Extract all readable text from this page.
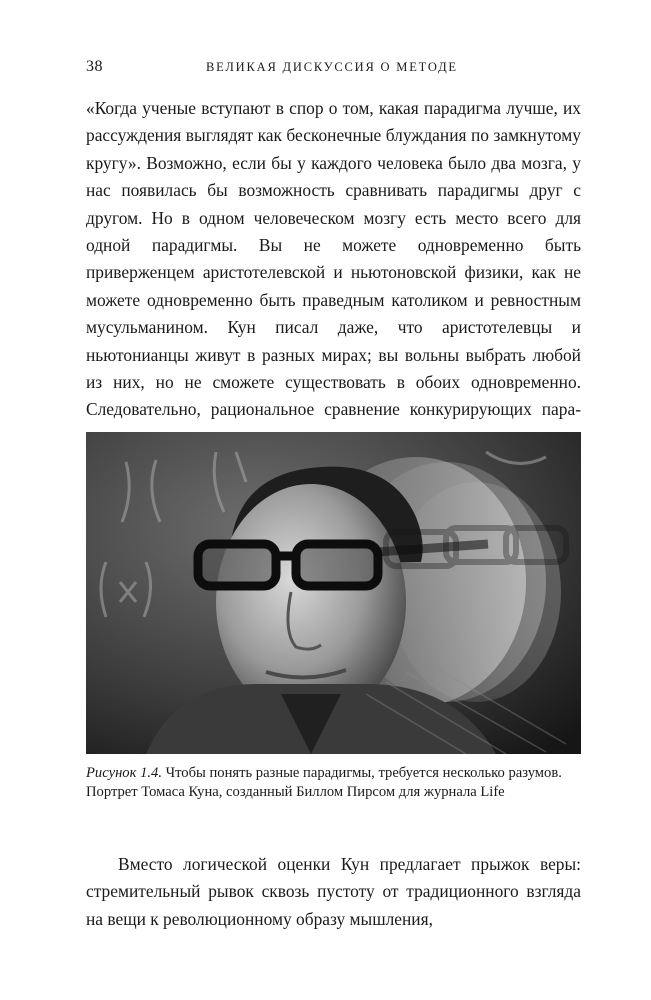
38	ВЕЛИКАЯ ДИСКУССИЯ О МЕТОДЕ

«Когда ученые вступают в спор о том, какая парадигма лучше, их рассуждения выглядят как бесконечные блуждания по замкнутому кругу». Возможно, если бы у каждого человека было два мозга, у нас появилась бы возможность сравнивать парадигмы друг с другом. Но в одном человеческом мозгу есть место всего для одной парадигмы. Вы не можете одновременно быть приверженцем аристотелевской и ньютоновской физики, как не можете одновременно быть праведным католиком и ревностным мусульманином. Кун писал даже, что аристотелевцы и ньютонианцы живут в разных мирах; вы вольны выбрать любой из них, но не сможете существовать в обоих одновременно. Следовательно, рациональное сравнение конкурирующих пара

Рисунок 1.4. Чтобы понять разные парадигмы, требуется несколько разумов. Портрет Томаса Куна, созданный Биллом Пирсом для журнала Life

Вместо логической оценки Кун предлагает прыжок веры: стремительный рывок сквозь пустоту от традиционного взгляда на вещи к революционному образу мышления,
